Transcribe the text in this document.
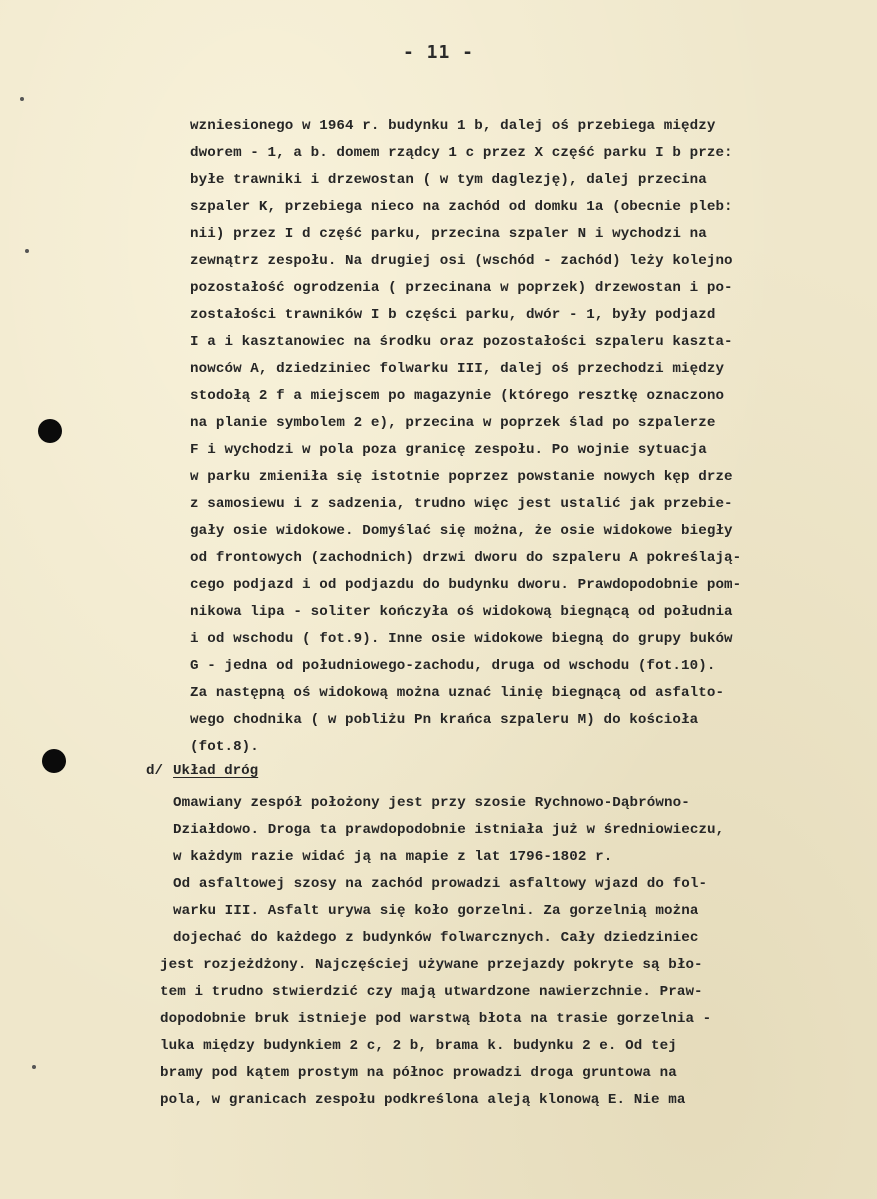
- 11 -
wzniesionego w 1964 r. budynku 1 b, dalej oś przebiega między
dworem - 1, a b. domem rządcy 1 c przez X część parku I b prze:
byłe trawniki i drzewostan ( w tym daglezję), dalej przecina
szpaler K, przebiega nieco na zachód od domku 1a (obecnie pleb:
nii) przez I d część parku, przecina szpaler N i wychodzi na
zewnątrz zespołu. Na drugiej osi (wschód - zachód) leży kolejno
pozostałość ogrodzenia ( przecinana w poprzek) drzewostan i po-
zostałości trawników I b części parku, dwór - 1, były podjazd
I a i kasztanowiec na środku oraz pozostałości szpaleru kaszta-
nowców A, dziedziniec folwarku III, dalej oś przechodzi między
stodołą 2 f a miejscem po magazynie (którego resztkę oznaczono
na planie symbolem 2 e), przecina w poprzek ślad po szpalerze
F i wychodzi w pola poza granicę zespołu. Po wojnie sytuacja
w parku zmieniła się istotnie poprzez powstanie nowych kęp drze
z samosiewu i z sadzenia, trudno więc jest ustalić jak przebie-
gały osie widokowe. Domyślać się można, że osie widokowe biegły
od frontowych (zachodnich) drzwi dworu do szpaleru A pokreślają-
cego podjazd i od podjazdu do budynku dworu. Prawdopodobnie pom-
nikowa lipa - soliter kończyła oś widokową biegnącą od południa
i od wschodu ( fot.9). Inne osie widokowe biegną do grupy buków
G - jedna od południowego-zachodu, druga od wschodu (fot.10).
Za następną oś widokową można uznać linię biegnącą od asfalto-
wego chodnika ( w pobliżu Pn krańca szpaleru M) do kościoła
(fot.8).
d/ Układ dróg
Omawiany zespół położony jest przy szosie Rychnowo-Dąbrówno-
Działdowo. Droga ta prawdopodobnie istniała już w średniowieczu,
w każdym razie widać ją na mapie z lat 1796-1802 r.
Od asfaltowej szosy na zachód prowadzi asfaltowy wjazd do fol-
warku III. Asfalt urywa się koło gorzelni. Za gorzelnią można
dojechać do każdego z budynków folwarcznych. Cały dziedziniec
jest rozjeżdżony. Najczęściej używane przejazdy pokryte są bło-
tem i trudno stwierdzić czy mają utwardzone nawierzchnie. Praw-
dopodobnie bruk istnieje pod warstwą błota na trasie gorzelnia -
luka między budynkiem 2 c, 2 b, brama k. budynku 2 e. Od tej
bramy pod kątem prostym na północ prowadzi droga gruntowa na
pola, w granicach zespołu podkreślona aleją klonową E. Nie ma
